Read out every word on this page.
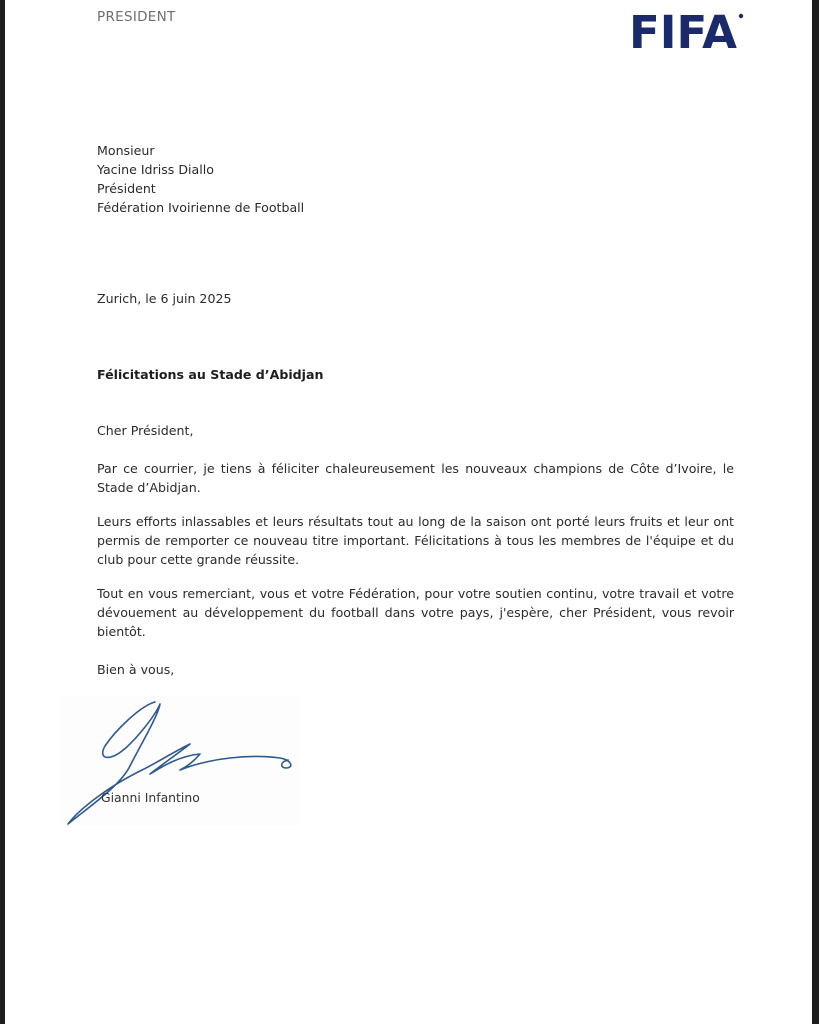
PRESIDENT	FIFA
Monsieur
Yacine Idriss Diallo
Président
Fédération Ivoirienne de Football
Zurich, le 6 juin 2025
Félicitations au Stade d’Abidjan
Cher Président,
Par ce courrier, je tiens à féliciter chaleureusement les nouveaux champions de Côte d’Ivoire, le Stade d’Abidjan.
Leurs efforts inlassables et leurs résultats tout au long de la saison ont porté leurs fruits et leur ont permis de remporter ce nouveau titre important. Félicitations à tous les membres de l'équipe et du club pour cette grande réussite.
Tout en vous remerciant, vous et votre Fédération, pour votre soutien continu, votre travail et votre dévouement au développement du football dans votre pays, j'espère, cher Président, vous revoir bientôt.
Bien à vous,
Gianni Infantino
